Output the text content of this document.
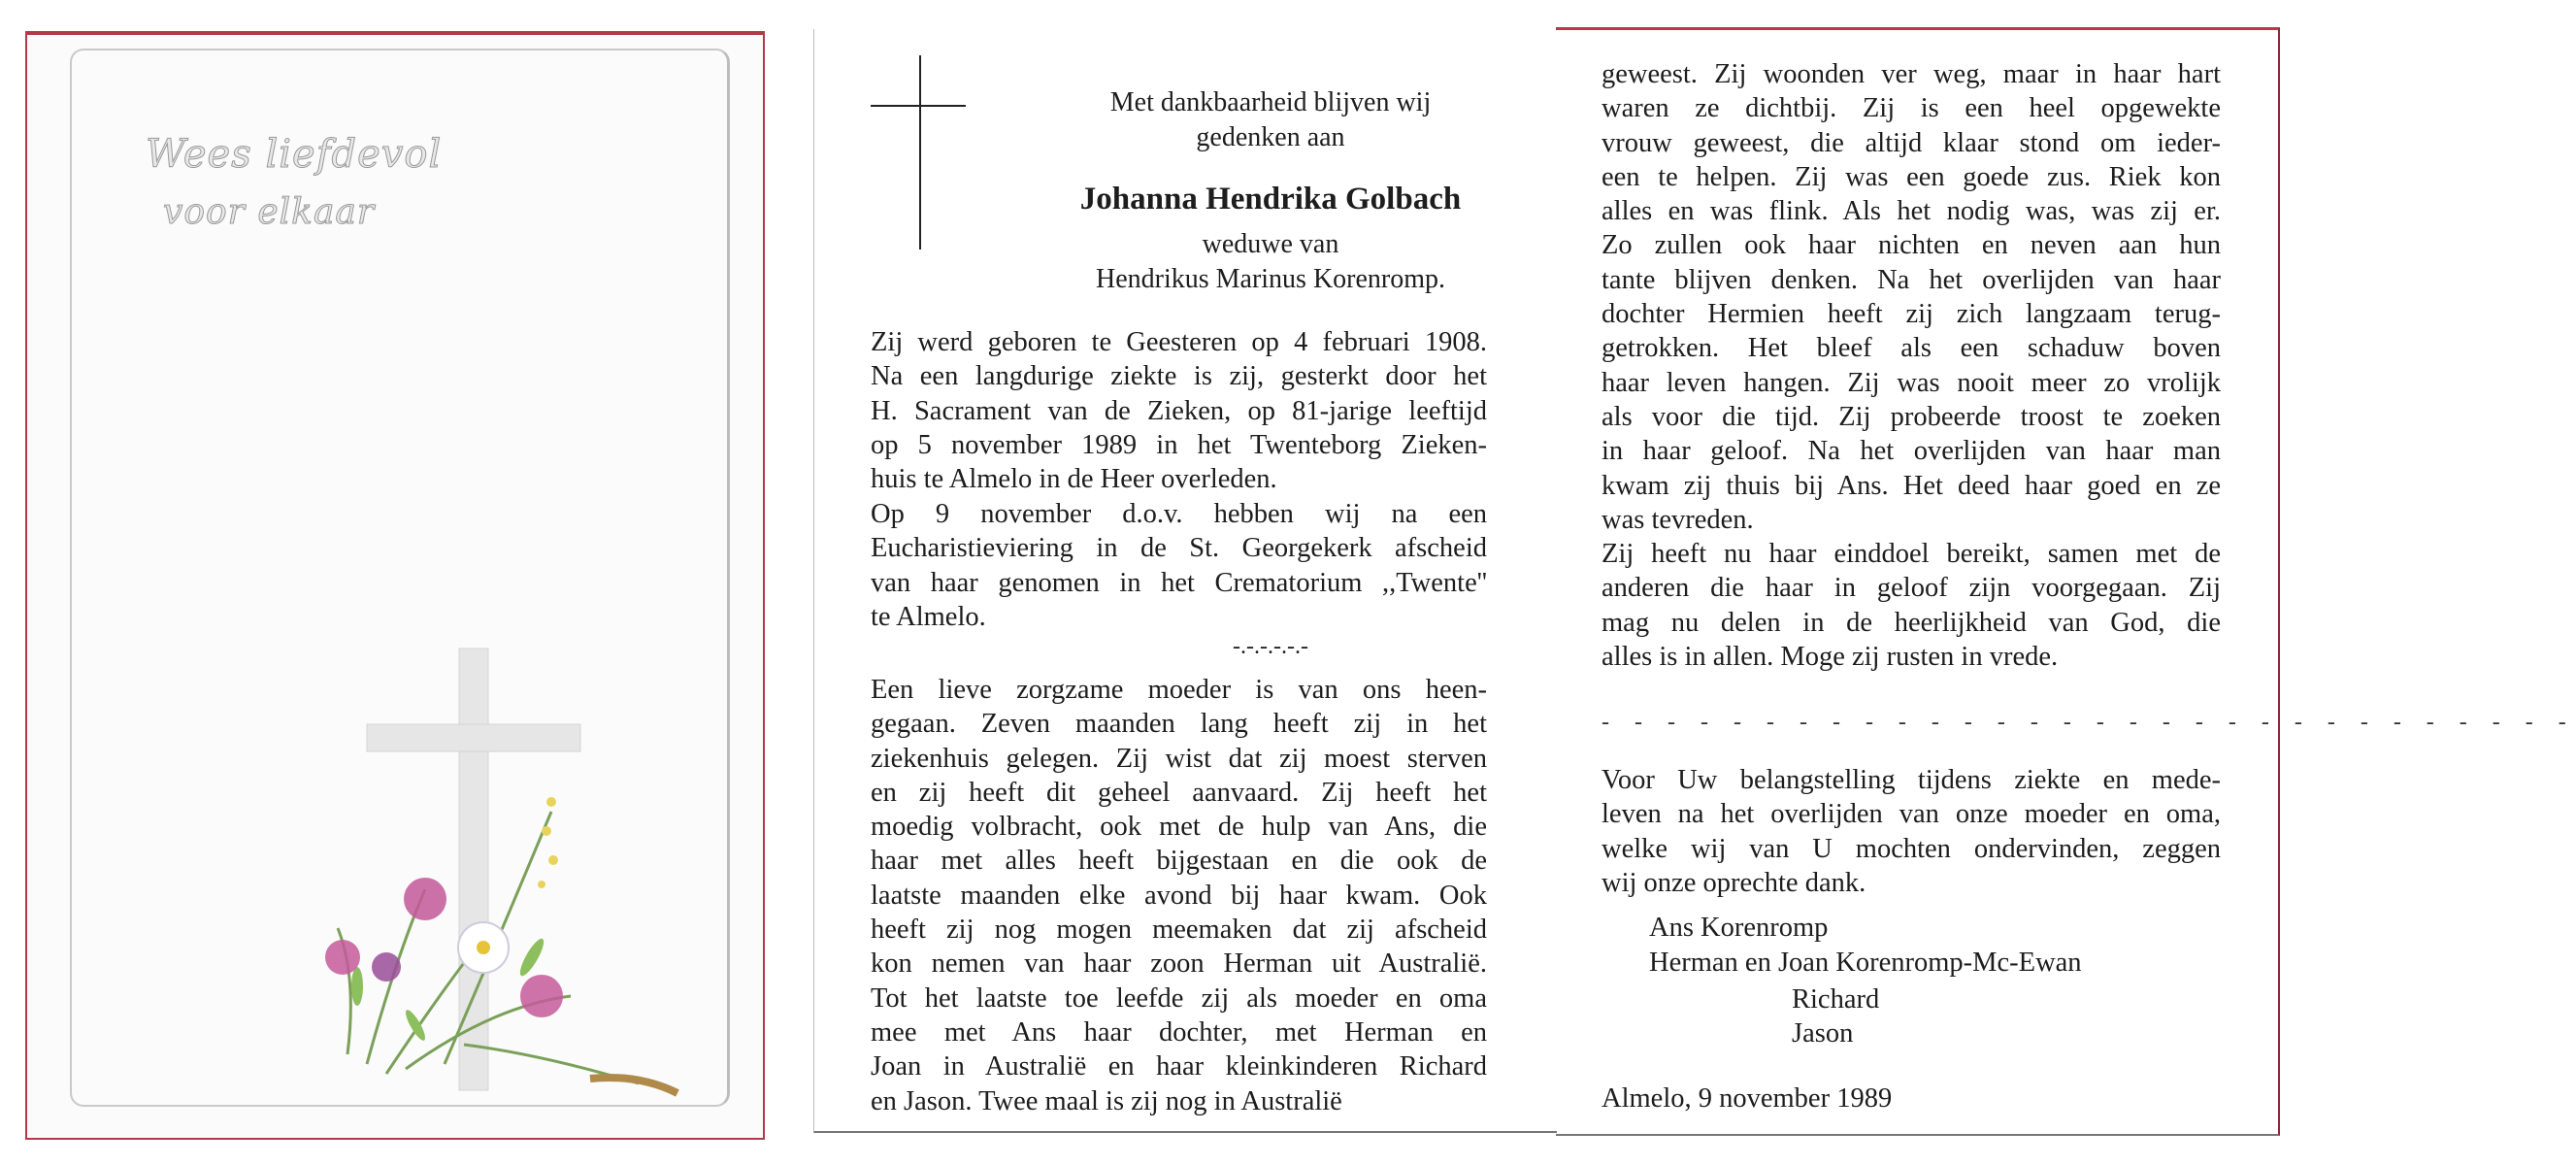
Wees liefdevol
voor elkaar
Met dankbaarheid blijven wij
gedenken aan
Johanna Hendrika Golbach
weduwe van
Hendrikus Marinus Korenromp.
Zij werd geboren te Geesteren op 4 februari 1908.
Na een langdurige ziekte is zij, gesterkt door het
H. Sacrament van de Zieken, op 81-jarige leeftijd
op 5 november 1989 in het Twenteborg Zieken-
huis te Almelo in de Heer overleden.
Op 9 november d.o.v. hebben wij na een
Eucharistieviering in de St. Georgekerk afscheid
van haar genomen in het Crematorium ,,Twente''
te Almelo.
-.-.-.-.-.-
Een lieve zorgzame moeder is van ons heen-
gegaan. Zeven maanden lang heeft zij in het
ziekenhuis gelegen. Zij wist dat zij moest sterven
en zij heeft dit geheel aanvaard. Zij heeft het
moedig volbracht, ook met de hulp van Ans, die
haar met alles heeft bijgestaan en die ook de
laatste maanden elke avond bij haar kwam. Ook
heeft zij nog mogen meemaken dat zij afscheid
kon nemen van haar zoon Herman uit Australië.
Tot het laatste toe leefde zij als moeder en oma
mee met Ans haar dochter, met Herman en
Joan in Australië en haar kleinkinderen Richard
en Jason. Twee maal is zij nog in Australië
geweest. Zij woonden ver weg, maar in haar hart
waren ze dichtbij. Zij is een heel opgewekte
vrouw geweest, die altijd klaar stond om ieder-
een te helpen. Zij was een goede zus. Riek kon
alles en was flink. Als het nodig was, was zij er.
Zo zullen ook haar nichten en neven aan hun
tante blijven denken. Na het overlijden van haar
dochter Hermien heeft zij zich langzaam terug-
getrokken. Het bleef als een schaduw boven
haar leven hangen. Zij was nooit meer zo vrolijk
als voor die tijd. Zij probeerde troost te zoeken
in haar geloof. Na het overlijden van haar man
kwam zij thuis bij Ans. Het deed haar goed en ze
was tevreden.
Zij heeft nu haar einddoel bereikt, samen met de
anderen die haar in geloof zijn voorgegaan. Zij
mag nu delen in de heerlijkheid van God, die
alles is in allen. Moge zij rusten in vrede.
- - - - - - - - - - - - - - - - - - - - - - - - - - - - - -
Voor Uw belangstelling tijdens ziekte en mede-
leven na het overlijden van onze moeder en oma,
welke wij van U mochten ondervinden, zeggen
wij onze oprechte dank.
Ans Korenromp
Herman en Joan Korenromp-Mc-Ewan
Richard
Jason
Almelo, 9 november 1989
